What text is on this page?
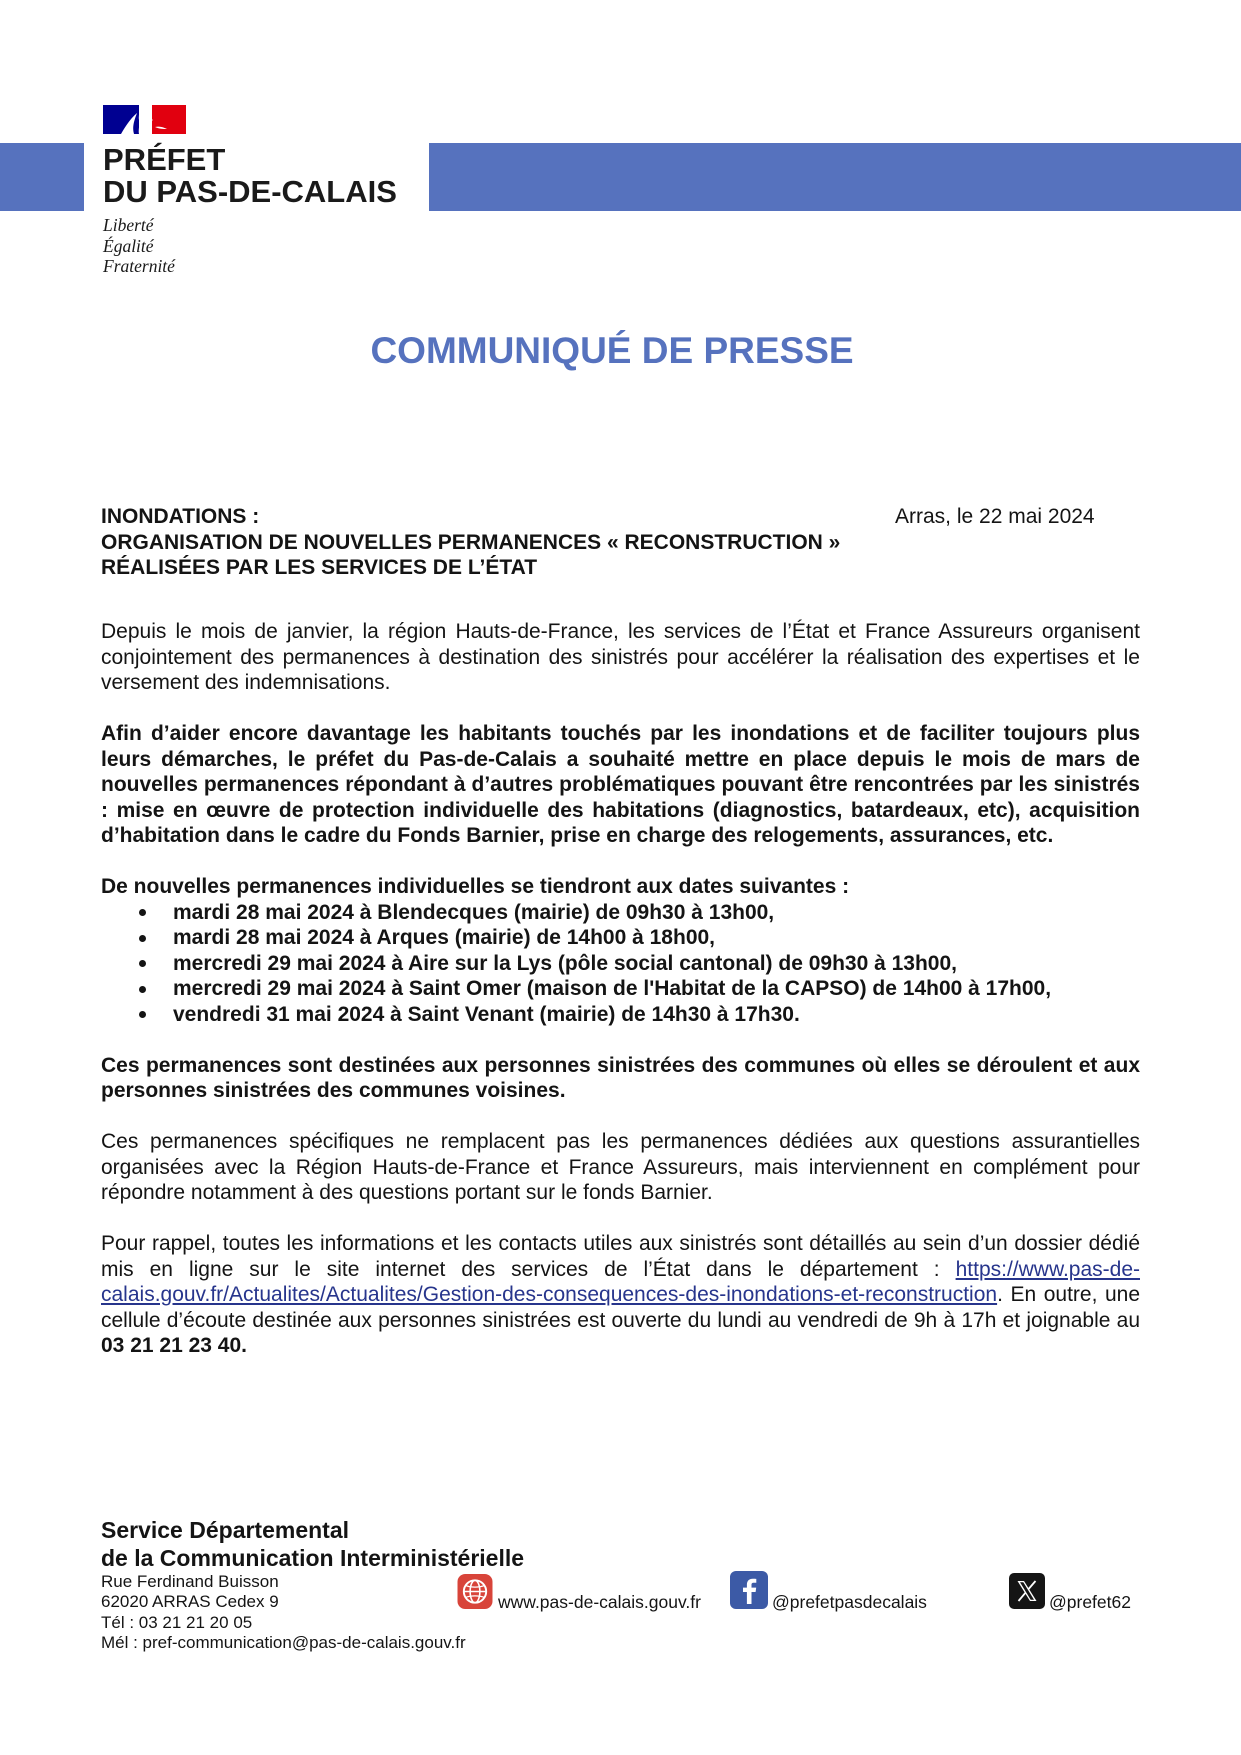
PRÉFET
DU PAS-DE-CALAIS
Liberté
Égalité
Fraternité
COMMUNIQUÉ DE PRESSE
INONDATIONS :
ORGANISATION DE NOUVELLES PERMANENCES « RECONSTRUCTION »
RÉALISÉES PAR LES SERVICES DE L’ÉTAT
Arras, le 22 mai 2024

Depuis le mois de janvier, la région Hauts-de-France, les services de l’État et France Assureurs organisent conjointement des permanences à destination des sinistrés pour accélérer la réalisation des expertises et le versement des indemnisations.

Afin d’aider encore davantage les habitants touchés par les inondations et de faciliter toujours plus leurs démarches, le préfet du Pas-de-Calais a souhaité mettre en place depuis le mois de mars de nouvelles permanences répondant à d’autres problématiques pouvant être rencontrées par les sinistrés : mise en œuvre de protection individuelle des habitations (diagnostics, batardeaux, etc), acquisition d’habitation dans le cadre du Fonds Barnier, prise en charge des relogements, assurances, etc.

De nouvelles permanences individuelles se tiendront aux dates suivantes :

mardi 28 mai 2024 à Blendecques (mairie) de 09h30 à 13h00,
mardi 28 mai 2024 à Arques (mairie) de 14h00 à 18h00,
mercredi 29 mai 2024 à Aire sur la Lys (pôle social cantonal) de 09h30 à 13h00,
mercredi 29 mai 2024 à Saint Omer (maison de l'Habitat de la CAPSO) de 14h00 à 17h00,
vendredi 31 mai 2024 à Saint Venant (mairie) de 14h30 à 17h30.

Ces permanences sont destinées aux personnes sinistrées des communes où elles se déroulent et aux personnes sinistrées des communes voisines.

Ces permanences spécifiques ne remplacent pas les permanences dédiées aux questions assurantielles organisées avec la Région Hauts-de-France et France Assureurs, mais interviennent en complément pour répondre notamment à des questions portant sur le fonds Barnier.

Pour rappel, toutes les informations et les contacts utiles aux sinistrés sont détaillés au sein d’un dossier dédié mis en ligne sur le site internet des services de l’État dans le département : https://www.pas-de-calais.gouv.fr/Actualites/Actualites/Gestion-des-consequences-des-inondations-et-reconstruction. En outre, une cellule d’écoute destinée aux personnes sinistrées est ouverte du lundi au vendredi de 9h à 17h et joignable au 03 21 21 23 40.

Service Départemental
de la Communication Interministérielle
Rue Ferdinand Buisson
62020 ARRAS Cedex 9
Tél : 03 21 21 20 05
Mél : pref-communication@pas-de-calais.gouv.fr
www.pas-de-calais.gouv.fr	@prefetpasdecalais	@prefet62
